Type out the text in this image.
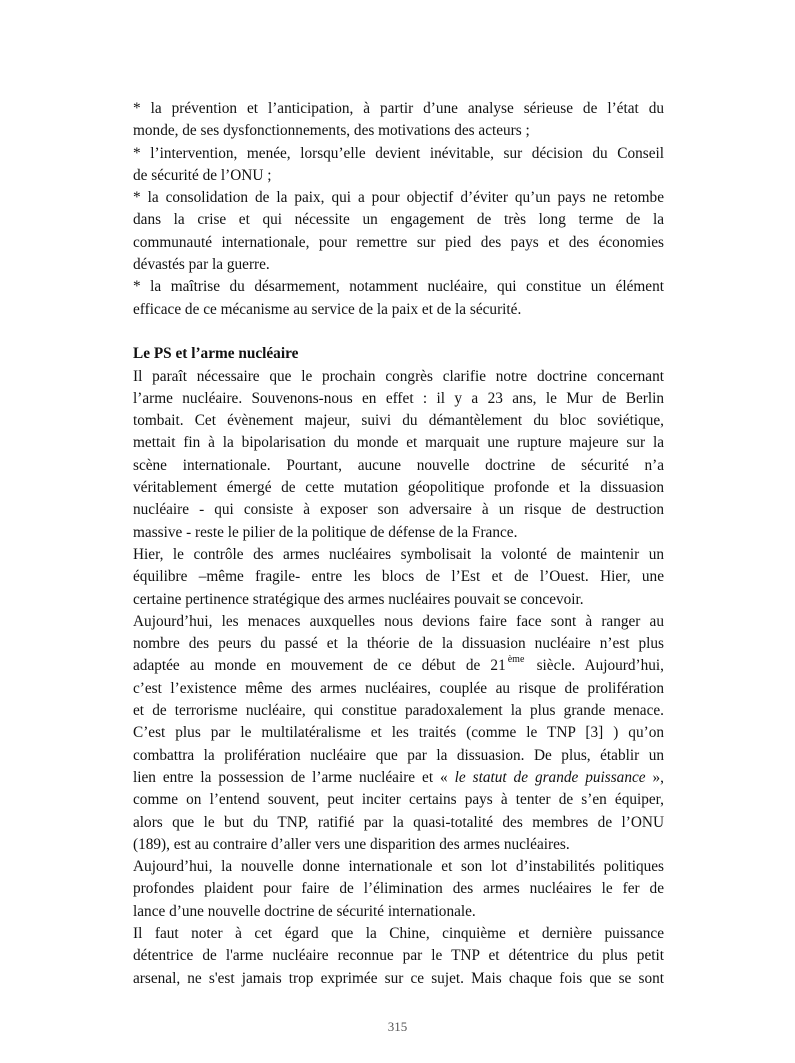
* la prévention et l’anticipation, à partir d’une analyse sérieuse de l’état du
monde, de ses dysfonctionnements, des motivations des acteurs ;
* l’intervention, menée, lorsqu’elle devient inévitable, sur décision du Conseil
de sécurité de l’ONU ;
* la consolidation de la paix, qui a pour objectif d’éviter qu’un pays ne retombe
dans la crise et qui nécessite un engagement de très long terme de la
communauté internationale, pour remettre sur pied des pays et des économies
dévastés par la guerre.
* la maîtrise du désarmement, notamment nucléaire, qui constitue un élément
efficace de ce mécanisme au service de la paix et de la sécurité.
Le PS et l’arme nucléaire
Il paraît nécessaire que le prochain congrès clarifie notre doctrine concernant
l’arme nucléaire. Souvenons-nous en effet : il y a 23 ans, le Mur de Berlin
tombait. Cet évènement majeur, suivi du démantèlement du bloc soviétique,
mettait fin à la bipolarisation du monde et marquait une rupture majeure sur la
scène internationale. Pourtant, aucune nouvelle doctrine de sécurité n’a
véritablement émergé de cette mutation géopolitique profonde et la dissuasion
nucléaire - qui consiste à exposer son adversaire à un risque de destruction
massive - reste le pilier de la politique de défense de la France.
Hier, le contrôle des armes nucléaires symbolisait la volonté de maintenir un
équilibre –même fragile- entre les blocs de l’Est et de l’Ouest. Hier, une
certaine pertinence stratégique des armes nucléaires pouvait se concevoir.
Aujourd’hui, les menaces auxquelles nous devions faire face sont à ranger au
nombre des peurs du passé et la théorie de la dissuasion nucléaire n’est plus
adaptée au monde en mouvement de ce début de 21 $^{ème}$ siècle. Aujourd’hui,
c’est l’existence même des armes nucléaires, couplée au risque de prolifération
et de terrorisme nucléaire, qui constitue paradoxalement la plus grande menace.
C’est plus par le multilatéralisme et les traités (comme le TNP [3] ) qu’on
combattra la prolifération nucléaire que par la dissuasion. De plus, établir un
lien entre la possession de l’arme nucléaire et « le statut de grande puissance »,
comme on l’entend souvent, peut inciter certains pays à tenter de s’en équiper,
alors que le but du TNP, ratifié par la quasi-totalité des membres de l’ONU
(189), est au contraire d’aller vers une disparition des armes nucléaires.
Aujourd’hui, la nouvelle donne internationale et son lot d’instabilités politiques
profondes plaident pour faire de l’élimination des armes nucléaires le fer de
lance d’une nouvelle doctrine de sécurité internationale.
Il faut noter à cet égard que la Chine, cinquième et dernière puissance
détentrice de l'arme nucléaire reconnue par le TNP et détentrice du plus petit
arsenal, ne s'est jamais trop exprimée sur ce sujet. Mais chaque fois que se sont
315
